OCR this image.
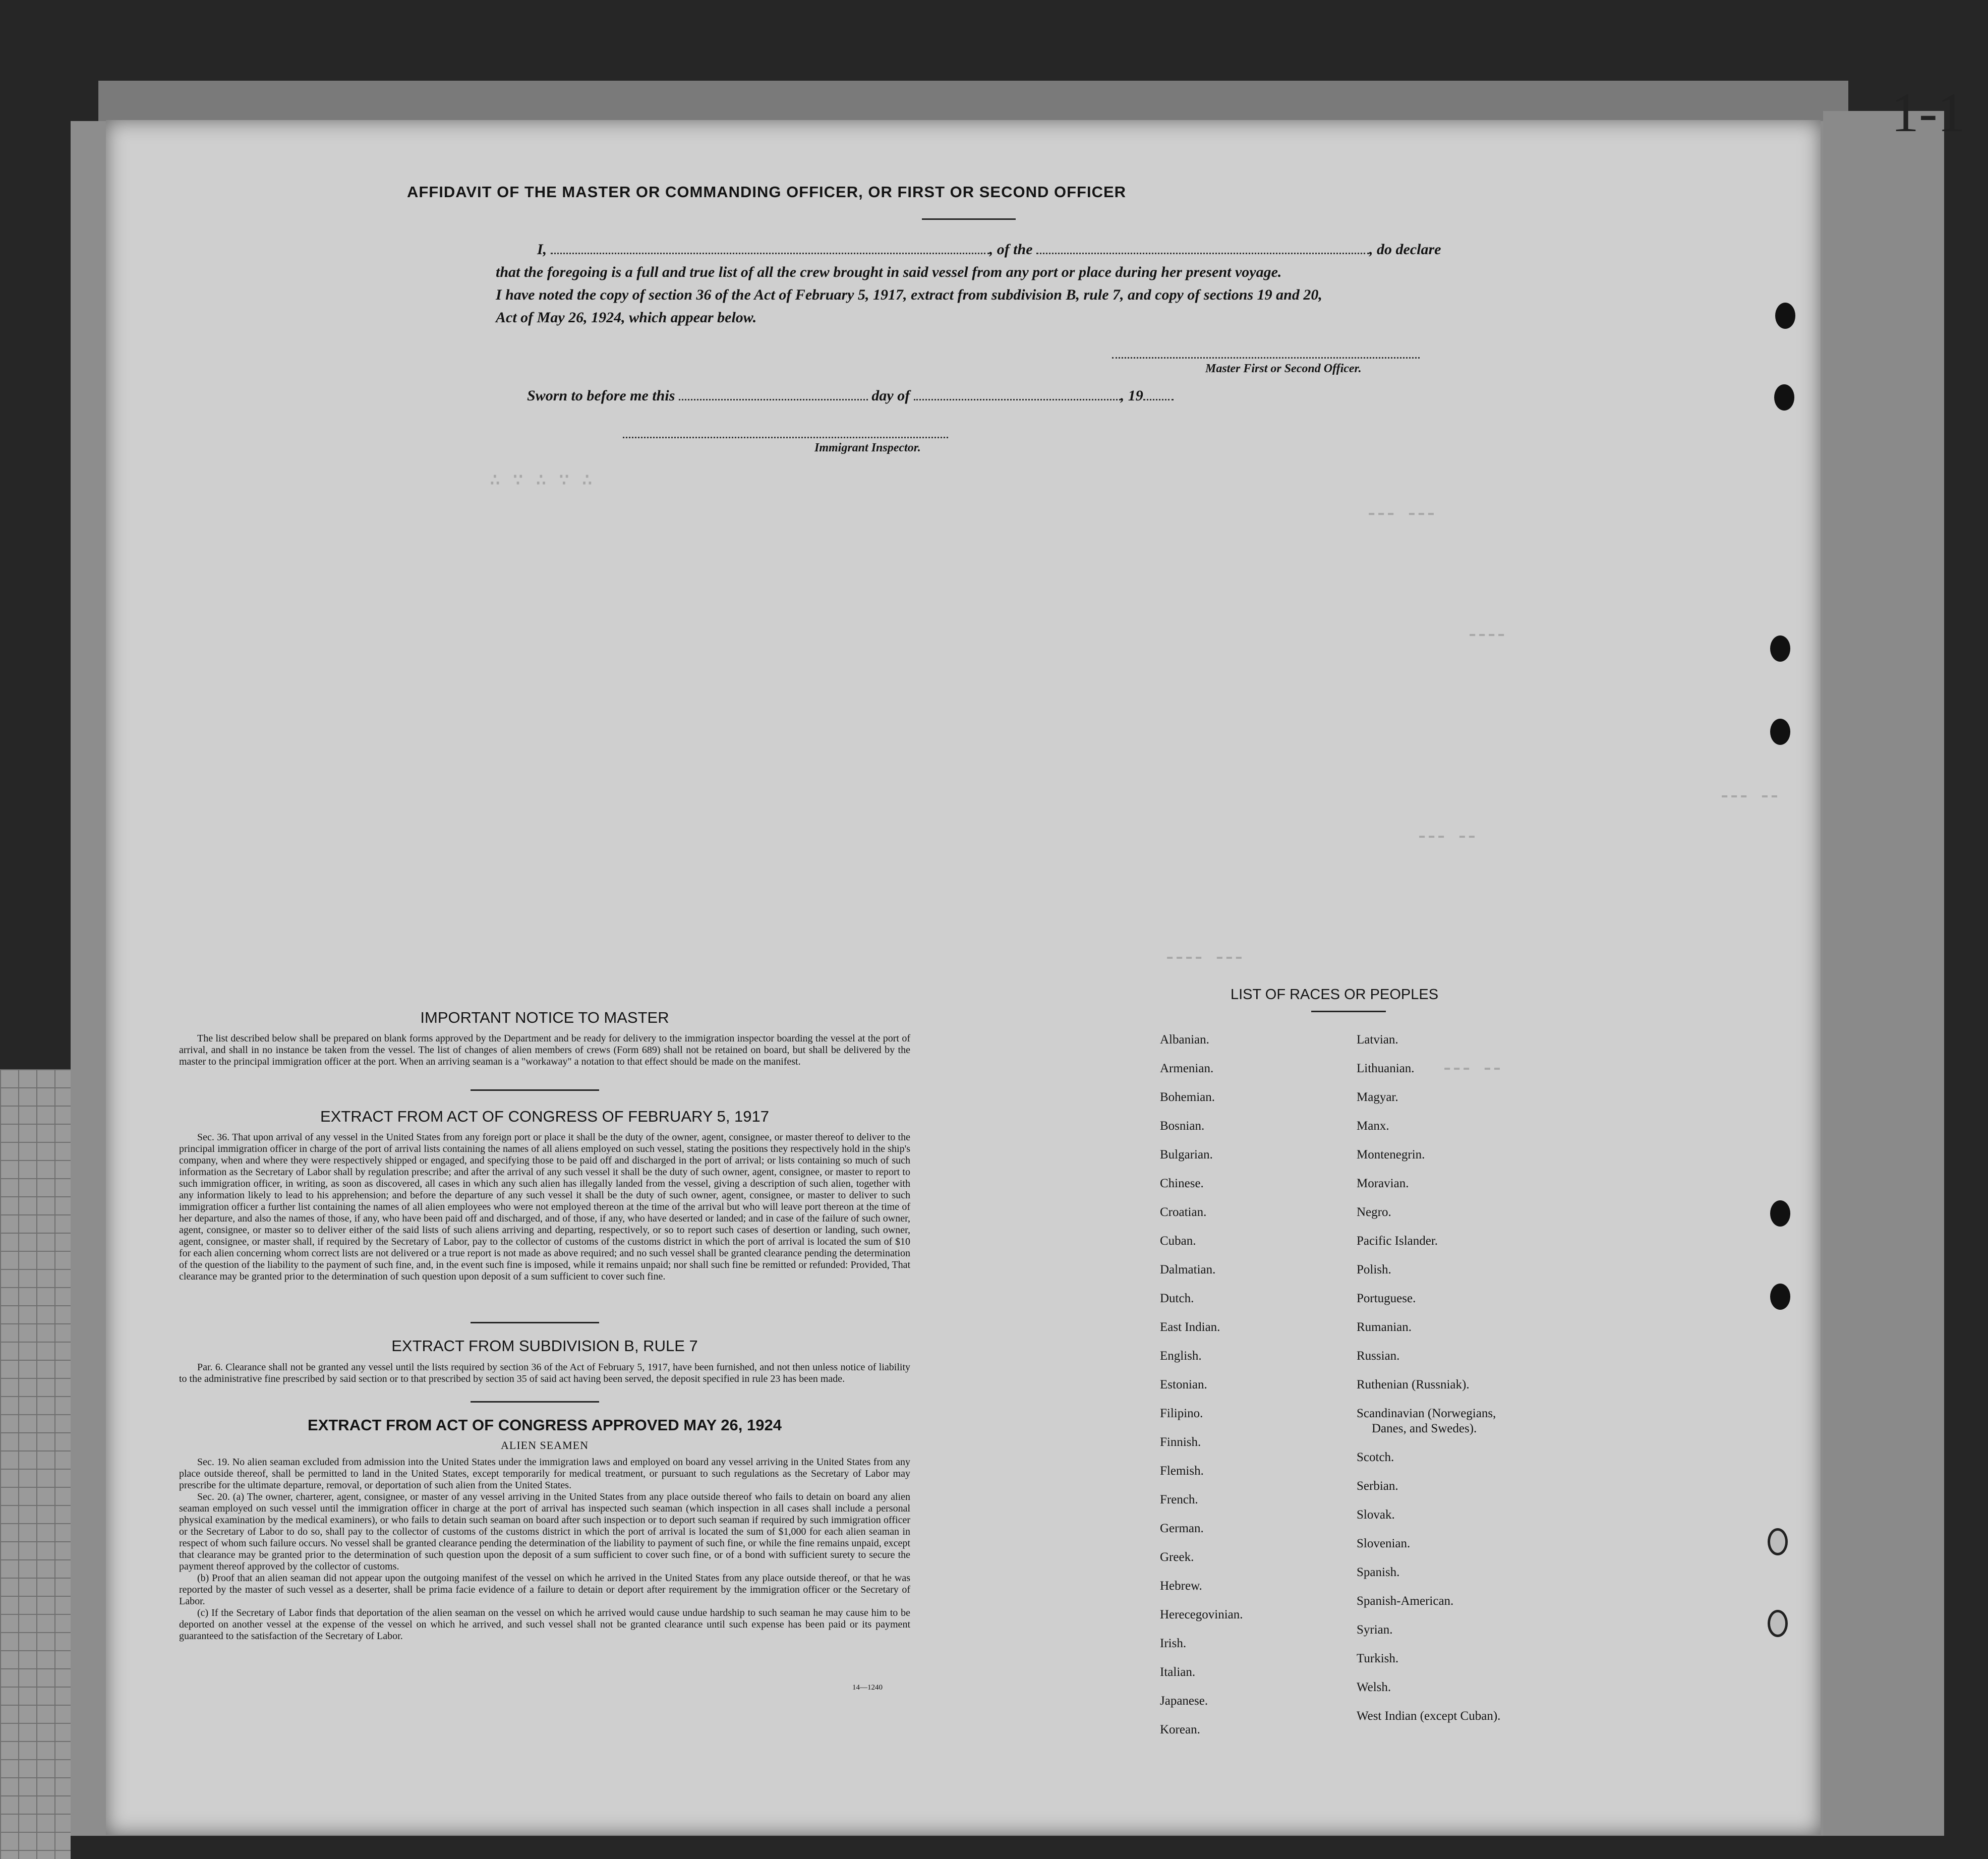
1-1
∴ ∵ ∴ ∵ ∴
⁃⁃⁃ ⁃⁃⁃
⁃⁃⁃⁃
⁃⁃⁃ ⁃⁃
⁃⁃⁃⁃ ⁃⁃⁃
⁃⁃⁃ ⁃⁃
⁃⁃⁃ ⁃⁃
AFFIDAVIT OF THE MASTER OR COMMANDING OFFICER, OR FIRST OR SECOND OFFICER
I,	, of the	, do declare
that the foregoing is a full and true list of all the crew brought in said vessel from any port or place during her present voyage.
I have noted the copy of section 36 of the Act of February 5, 1917, extract from subdivision B, rule 7, and copy of sections 19 and 20,
Act of May 26, 1924, which appear below.
Master First or Second Officer.
Sworn to before me this	day of	, 19
Immigrant Inspector.
IMPORTANT NOTICE TO MASTER
The list described below shall be prepared on blank forms approved by the Department and be ready for delivery to the immigration inspector boarding the vessel at the port of arrival, and shall in no instance be taken from the vessel. The list of changes of alien members of crews (Form 689) shall not be retained on board, but shall be delivered by the master to the principal immigration officer at the port. When an arriving seaman is a "workaway" a notation to that effect should be made on the manifest.
EXTRACT FROM ACT OF CONGRESS OF FEBRUARY 5, 1917
Sec. 36. That upon arrival of any vessel in the United States from any foreign port or place it shall be the duty of the owner, agent, consignee, or master thereof to deliver to the principal immigration officer in charge of the port of arrival lists containing the names of all aliens employed on such vessel, stating the positions they respectively hold in the ship's company, when and where they were respectively shipped or engaged, and specifying those to be paid off and discharged in the port of arrival; or lists containing so much of such information as the Secretary of Labor shall by regulation prescribe; and after the arrival of any such vessel it shall be the duty of such owner, agent, consignee, or master to report to such immigration officer, in writing, as soon as discovered, all cases in which any such alien has illegally landed from the vessel, giving a description of such alien, together with any information likely to lead to his apprehension; and before the departure of any such vessel it shall be the duty of such owner, agent, consignee, or master to deliver to such immigration officer a further list containing the names of all alien employees who were not employed thereon at the time of the arrival but who will leave port thereon at the time of her departure, and also the names of those, if any, who have been paid off and discharged, and of those, if any, who have deserted or landed; and in case of the failure of such owner, agent, consignee, or master so to deliver either of the said lists of such aliens arriving and departing, respectively, or so to report such cases of desertion or landing, such owner, agent, consignee, or master shall, if required by the Secretary of Labor, pay to the collector of customs of the customs district in which the port of arrival is located the sum of $10 for each alien concerning whom correct lists are not delivered or a true report is not made as above required; and no such vessel shall be granted clearance pending the determination of the question of the liability to the payment of such fine, and, in the event such fine is imposed, while it remains unpaid; nor shall such fine be remitted or refunded: Provided, That clearance may be granted prior to the determination of such question upon deposit of a sum sufficient to cover such fine.
EXTRACT FROM SUBDIVISION B, RULE 7
Par. 6. Clearance shall not be granted any vessel until the lists required by section 36 of the Act of February 5, 1917, have been furnished, and not then unless notice of liability to the administrative fine prescribed by said section or to that prescribed by section 35 of said act having been served, the deposit specified in rule 23 has been made.
EXTRACT FROM ACT OF CONGRESS APPROVED MAY 26, 1924
ALIEN SEAMEN
Sec. 19. No alien seaman excluded from admission into the United States under the immigration laws and employed on board any vessel arriving in the United States from any place outside thereof, shall be permitted to land in the United States, except temporarily for medical treatment, or pursuant to such regulations as the Secretary of Labor may prescribe for the ultimate departure, removal, or deportation of such alien from the United States.
Sec. 20. (a) The owner, charterer, agent, consignee, or master of any vessel arriving in the United States from any place outside thereof who fails to detain on board any alien seaman employed on such vessel until the immigration officer in charge at the port of arrival has inspected such seaman (which inspection in all cases shall include a personal physical examination by the medical examiners), or who fails to detain such seaman on board after such inspection or to deport such seaman if required by such immigration officer or the Secretary of Labor to do so, shall pay to the collector of customs of the customs district in which the port of arrival is located the sum of $1,000 for each alien seaman in respect of whom such failure occurs. No vessel shall be granted clearance pending the determination of the liability to payment of such fine, or while the fine remains unpaid, except that clearance may be granted prior to the determination of such question upon the deposit of a sum sufficient to cover such fine, or of a bond with sufficient surety to secure the payment thereof approved by the collector of customs.
(b) Proof that an alien seaman did not appear upon the outgoing manifest of the vessel on which he arrived in the United States from any place outside thereof, or that he was reported by the master of such vessel as a deserter, shall be prima facie evidence of a failure to detain or deport after requirement by the immigration officer or the Secretary of Labor.
(c) If the Secretary of Labor finds that deportation of the alien seaman on the vessel on which he arrived would cause undue hardship to such seaman he may cause him to be deported on another vessel at the expense of the vessel on which he arrived, and such vessel shall not be granted clearance until such expense has been paid or its payment guaranteed to the satisfaction of the Secretary of Labor.
14—1240
LIST OF RACES OR PEOPLES
Albanian.
Armenian.
Bohemian.
Bosnian.
Bulgarian.
Chinese.
Croatian.
Cuban.
Dalmatian.
Dutch.
East Indian.
English.
Estonian.
Filipino.
Finnish.
Flemish.
French.
German.
Greek.
Hebrew.
Herecegovinian.
Irish.
Italian.
Japanese.
Korean.
Latvian.
Lithuanian.
Magyar.
Manx.
Montenegrin.
Moravian.
Negro.
Pacific Islander.
Polish.
Portuguese.
Rumanian.
Russian.
Ruthenian (Russniak).
Scandinavian (Norwegians,
Danes, and Swedes).
Scotch.
Serbian.
Slovak.
Slovenian.
Spanish.
Spanish-American.
Syrian.
Turkish.
Welsh.
West Indian (except Cuban).
